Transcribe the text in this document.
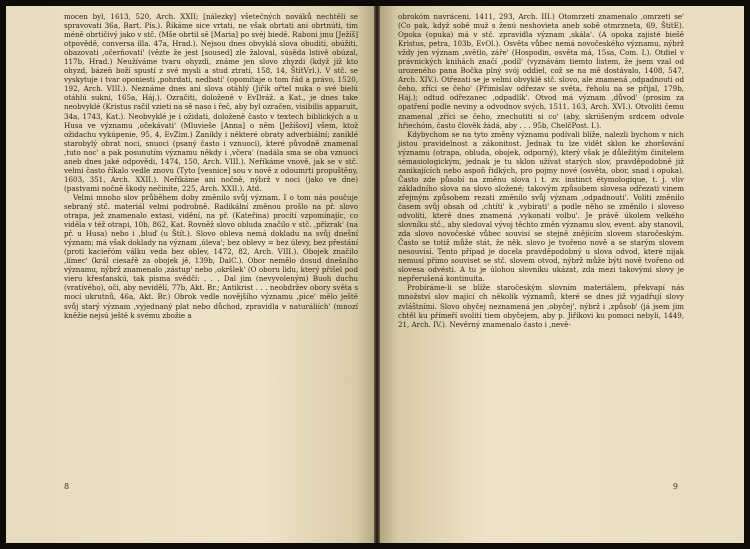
mocen byl, 1613, 520, Arch. XXII; [nálezky] všetečných nováků nechtěli se spravovati 36a, Bart. Pís.). Říkáme sice vrtati, ne však obrtati ani obrtnúti, tím méně obrtičivý jako v stč. (Mše obrtil sě [Maria] po svéj biedě. Raboni jmu [Ježíš] otpovědě, conversa illa. 47a, Hrad.). Nejsou dnes obvyklá slova obuditi, obúžiti, obazovati ,očerňovati' (vězte že jest [soused] zle žaloval, súsěda lstivě obúzal, 117b, Hrad.) Neužíváme tvaru ohyzdi, známe jen slovo zhyzdi (když již kto ohyzd, bázeň boží spustí z své mysli a stud ztratí, 158, 14, ŠtítVrl.). V stč. se vyskytuje i tvar oponiesti ,pohrdati, nedbati' (opomítaje o tom řád a právo, 1520, 192, Arch. VIII.). Neznáme dnes ani slova otáhlý (Jiřík ořtel nuka o své bielú otáhlú sukni, 165a, Háj.). Ozračiti, doloženě v EvDráž. a Kat., je dnes take neobvyklé (Kristus račil vzieti na sě naso i řeč, aby byl ozračen, visibilis apparuit, 34a, 1743, Kat.). Neobvyklé je i ožidati, doloženě často v textech biblických a u Husa ve významu ,očekávati' (Mluvieše [Anna] o něm [Ježíšovi] všem, ktož ožidachu vykúpenie, 95, 4, EvZim.) Zanikly i některé obraty adverbiální; zaniklé starobylý obrat noci, snuoci (psaný často i vznuoci), které původně znamenal ,tuto noc' a pak posunutím významu někdy i ,včera' (nadála sma se oba vznuoci aneb dnes jaké odpovědi, 1474, 150, Arch. VIII.). Neříkáme vnově, jak se v stč. velmi často říkalo vedle znovu (Tyto [vesnice] sou v nově z odoumrti propuštěny, 1603, 351, Arch. XXII.). Neříkáme ani nočně, nýbrž v noci (jako ve dne) (pastvami nočně škody nečiníte, 225, Arch. XXII.). Atd.

Velmi mnoho slov průběhem doby změnilo svůj význam. I o tom nás poučuje sebraný stč. materiál velmi podrobně. Radikální změnou prošlo na př. slovo otrapa, jež znamenalo extasi, vidění, na př. (Kateřina) procítí vzpomínajíc, co viděla v též otrapi, 10b, 862, Kat. Rovněž slovo obluda značilo v stč. ,přízrak' (na př. u Husa) nebo i ,bluď (u Štít.). Slovo obleva nemá dokladu na svůj dnešní význam; má však doklady na význam ,úleva'; bez oblevy = bez úlevy, bez přestání (proti kacieřóm válku veda bez oblev, 1472, 82, Arch. VIII.). Obojek značilo ,límec' (král ciesařě za obojek jě, 139b, DalC.). Obor nemělo dosud dnešního významu, nýbrž znamenalo ,zástup' nebo ,okršlek' (O oboru lidu, který přišel pod vieru křesťanskú, tak pisma svědčí: . . . Dal jim (nevyvoleným) Buoh duchu (vratívého), oči, aby nevidělí, 77b, Akt. Br.; Antikrist . . . neobdržev obory světa s mocí ukrutnů, 46a, Akt. Br.) Obrok vedle novějšího významu ,pice' mělo ještě svůj starý význam ,vyjednaný plat nebo důchod, zpravidla v naturáliích' (mnozí kněžie nejsú ještě k svému zbožie a

8

obrokóm navráceni, 1411, 293, Arch. III.) Otomrzeti znamenalo ,omrzeti se' (Co pak, když sobě muž s ženú neshovieta aneb sobě otmrzneta, 69, ŠtítE). Opoka (opuka) má v stč. zpravidla význam ,skála'. (A opoka zajisté biešě Kristus, petra, 103b, EvOl.). Osvěta vůbec nemá novočeského významu, nýbrž vždy jen význam ,světlo, záře' (Hospodin, osvěta má, 15sa, Com. I.). Otdiel v právnických knihách značí ,podíl' (vyznávám tiemto listem, že jsem vzal od urozeného pana Bočka plný svój oddiel, což se na mě dostávalo, 1408, 547, Arch. XIV.). Otřezati se je velmi obvyklé stč. slovo, ale znamená ,odpadnouti od čeho, zříci se čeho' (Přimislav odřezav se světa, řeholu na se přijal, 179b, Háj.); odtud odřezanec ,odpadlík'. Otvod má význam ,důvod' (prosim za opatření podle neviny a odvodnov svých, 1511, 163, Arch. XVI.). Otvoliti čemu znamenal ,zříci se čeho, znechutiti si co' (aby, skrúšeným srdcem odvole hřiechóm, často člověk žádá, aby . . . 95b, ChelčPost. I.).

Kdybychom se na tyto změny významu podívali blíže, nalezli bychom v nich jistou pravidelnost a zákonitost. Jednak tu lze vidět sklon ke zhoršování významu (otrapa, obluda, obojek, odporný), který však je důležitým činitelem sémasiologickým, jednak je tu sklon užívat starých slov, pravděpodobně již zanikajících nebo aspoň řidkých, pro pojmy nové (osvěta, obor, snad i opuka). Často zde působí na změnu slova i t. zv. instinct étymologique, t. j. vliv základního slova na slovo složené; takovým způsobem slovesa odřezati vinem zřejmým způsobem rezati změnilo svůj význam ,odpadnouti'. Voliti změnilo časem svůj obsah od ,chtíti' k ,vybírati' a podle něho se změnilo i sloveso odvoliti, které dnes znamená ,vykonati volbu'. Je právě úkolem velkého slovníku stč., aby sledoval vývoj těchto změn významu slov, event. aby stanovil, zda slovo novočeské vůbec souvisí se stejně znějícím slovem staročeským. Často se totiž může stát, že něk. slovo je tvořeno nově a se starým slovem nesouvisí. Tento případ je docela pravděpodobný u slova odvod, které nijak nemusí přímo souviset se stč. slovem otvod, nýbrž může býti nově tvořeno od slovesa odvésti. A tu je úlohou slovníku ukázat, zda mezi takovými slovy je nepřerušená kontinuita.

Probíráme-li se blíže staročeským slovním materiálem, překvapí nás množství slov mající ch několik významů, které se dnes již vyjadřují slovy zvláštními. Slovo obyčej neznamená jen ,obyčej', nýbrž i ,způsob' (já jsem jim chtěl ku přímeří svolití tiem obyčejem, aby p. Jiříkovi ku pomoci nebyli, 1449, 21, Arch. IV.). Nevěrný znamenalo často i ,nevě-

9
